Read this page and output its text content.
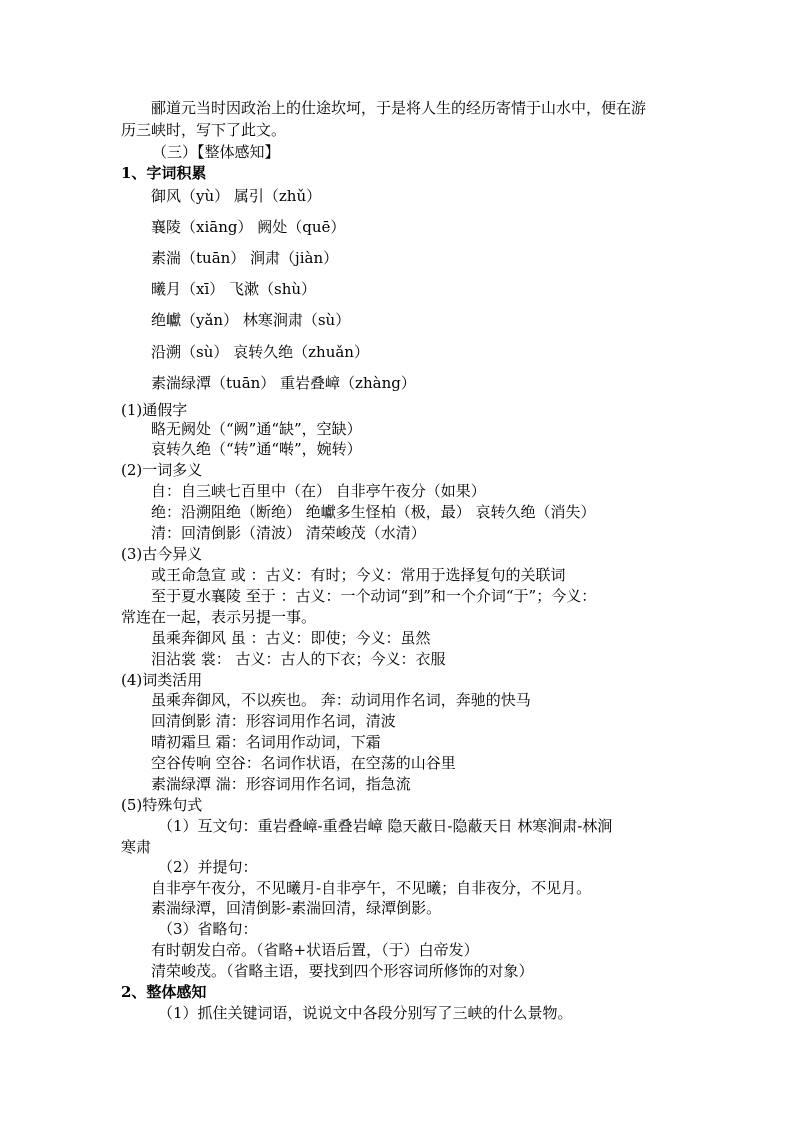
郦道元当时因政治上的仕途坎坷，于是将人生的经历寄情于山水中，便在游
历三峡时，写下了此文。
（三）【整体感知】
1、字词积累
御风（yù） 属引（zhǔ）
襄陵（xiāng） 阙处（quē）
素湍（tuān） 涧肃（jiàn）
曦月（xī） 飞漱（shù）
绝巘（yǎn） 林寒涧肃（sù）
沿溯（sù） 哀转久绝（zhuǎn）
素湍绿潭（tuān） 重岩叠嶂（zhàng）
(1)通假字
略无阙处（“阙”通“缺”，空缺）
哀转久绝（“转”通“啭”，婉转）
(2)一词多义
自：自三峡七百里中（在） 自非亭午夜分（如果）
绝：沿溯阻绝（断绝） 绝巘多生怪柏（极，最） 哀转久绝（消失）
清：回清倒影（清波） 清荣峻茂（水清）
(3)古今异义
或王命急宣 或 ：古义：有时；今义：常用于选择复句的关联词
至于夏水襄陵 至于 ：古义：一个动词“到”和一个介词“于”；今义：
常连在一起，表示另提一事。
虽乘奔御风 虽 ：古义：即使；今义：虽然
泪沾裳 裳： 古义：古人的下衣；今义：衣服
(4)词类活用
虽乘奔御风，不以疾也。 奔：动词用作名词，奔驰的快马
回清倒影 清：形容词用作名词，清波
晴初霜旦 霜：名词用作动词，下霜
空谷传响 空谷：名词作状语，在空荡的山谷里
素湍绿潭 湍：形容词用作名词，指急流
(5)特殊句式
（1）互文句：重岩叠嶂-重叠岩嶂 隐天蔽日-隐蔽天日 林寒涧肃-林涧
寒肃
（2）并提句：
自非亭午夜分，不见曦月-自非亭午，不见曦；自非夜分，不见月。
素湍绿潭，回清倒影-素湍回清，绿潭倒影。
（3）省略句：
有时朝发白帝。（省略+状语后置，（于）白帝发）
清荣峻茂。（省略主语，要找到四个形容词所修饰的对象）
2、整体感知
（1）抓住关键词语，说说文中各段分别写了三峡的什么景物。
